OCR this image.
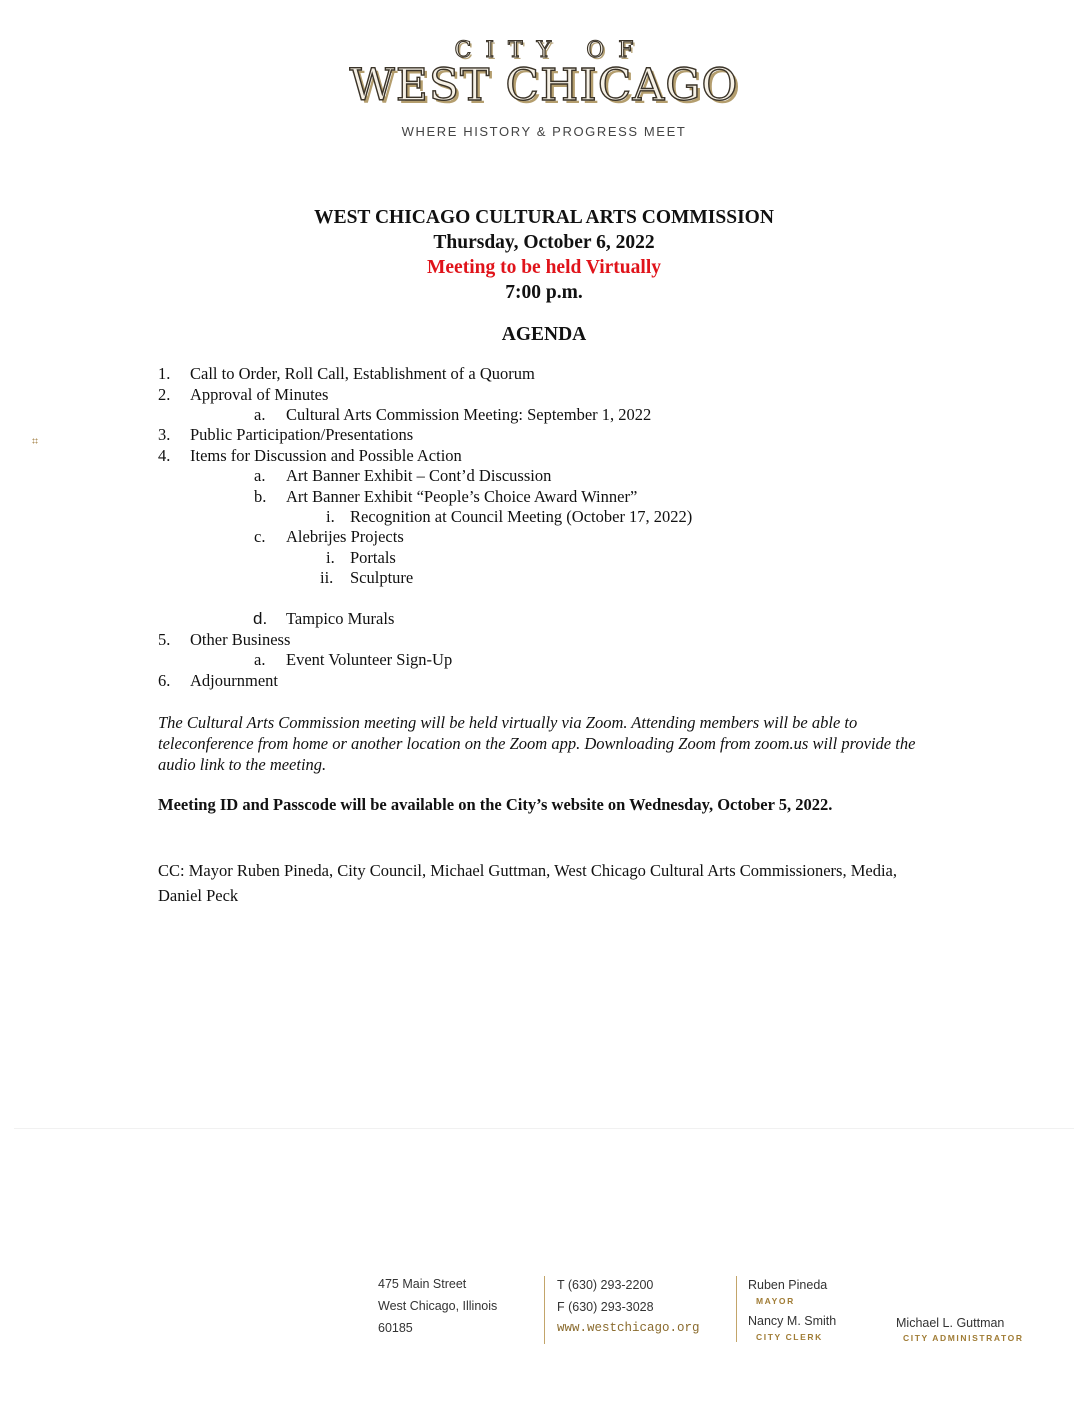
CITY OF
WEST CHICAGO
WHERE HISTORY & PROGRESS MEET
WEST CHICAGO CULTURAL ARTS COMMISSION
Thursday, October 6, 2022
Meeting to be held Virtually
7:00 p.m.
AGENDA
1. Call to Order, Roll Call, Establishment of a Quorum
2. Approval of Minutes
a. Cultural Arts Commission Meeting: September 1, 2022
3. Public Participation/Presentations
4. Items for Discussion and Possible Action
a. Art Banner Exhibit – Cont’d Discussion
b. Art Banner Exhibit “People’s Choice Award Winner”
i. Recognition at Council Meeting (October 17, 2022)
c. Alebrijes Projects
i. Portals
ii. Sculpture
d. Tampico Murals
5. Other Business
a. Event Volunteer Sign-Up
6. Adjournment
The Cultural Arts Commission meeting will be held virtually via Zoom. Attending members will be able to teleconference from home or another location on the Zoom app. Downloading Zoom from zoom.us will provide the audio link to the meeting.
Meeting ID and Passcode will be available on the City’s website on Wednesday, October 5, 2022.
CC: Mayor Ruben Pineda, City Council, Michael Guttman, West Chicago Cultural Arts Commissioners, Media, Daniel Peck
475 Main Street
West Chicago, Illinois
60185
T (630) 293-2200
F (630) 293-3028
www.westchicago.org
Ruben Pineda
MAYOR
Nancy M. Smith
CITY CLERK
Michael L. Guttman
CITY ADMINISTRATOR
